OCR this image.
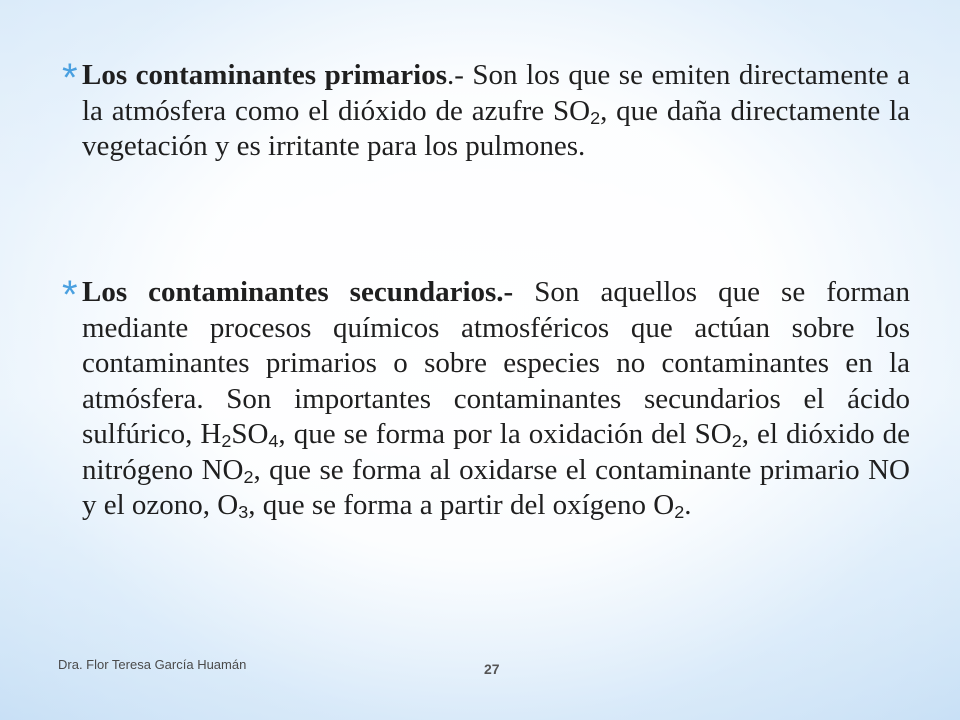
* Los contaminantes primarios.- Son los que se emiten directamente a la atmósfera como el dióxido de azufre $SO_2$, que daña directamente la vegetación y es irritante para los pulmones.

* Los contaminantes secundarios.- Son aquellos que se forman mediante procesos químicos atmosféricos que actúan sobre los contaminantes primarios o sobre especies no contaminantes en la atmósfera. Son importantes contaminantes secundarios el ácido sulfúrico, $H_2SO_4$, que se forma por la oxidación del $SO_2$, el dióxido de nitrógeno $NO_2$, que se forma al oxidarse el contaminante primario NO y el ozono, $O_3$, que se forma a partir del oxígeno $O_2$.

Dra. Flor Teresa García Huamán	27
